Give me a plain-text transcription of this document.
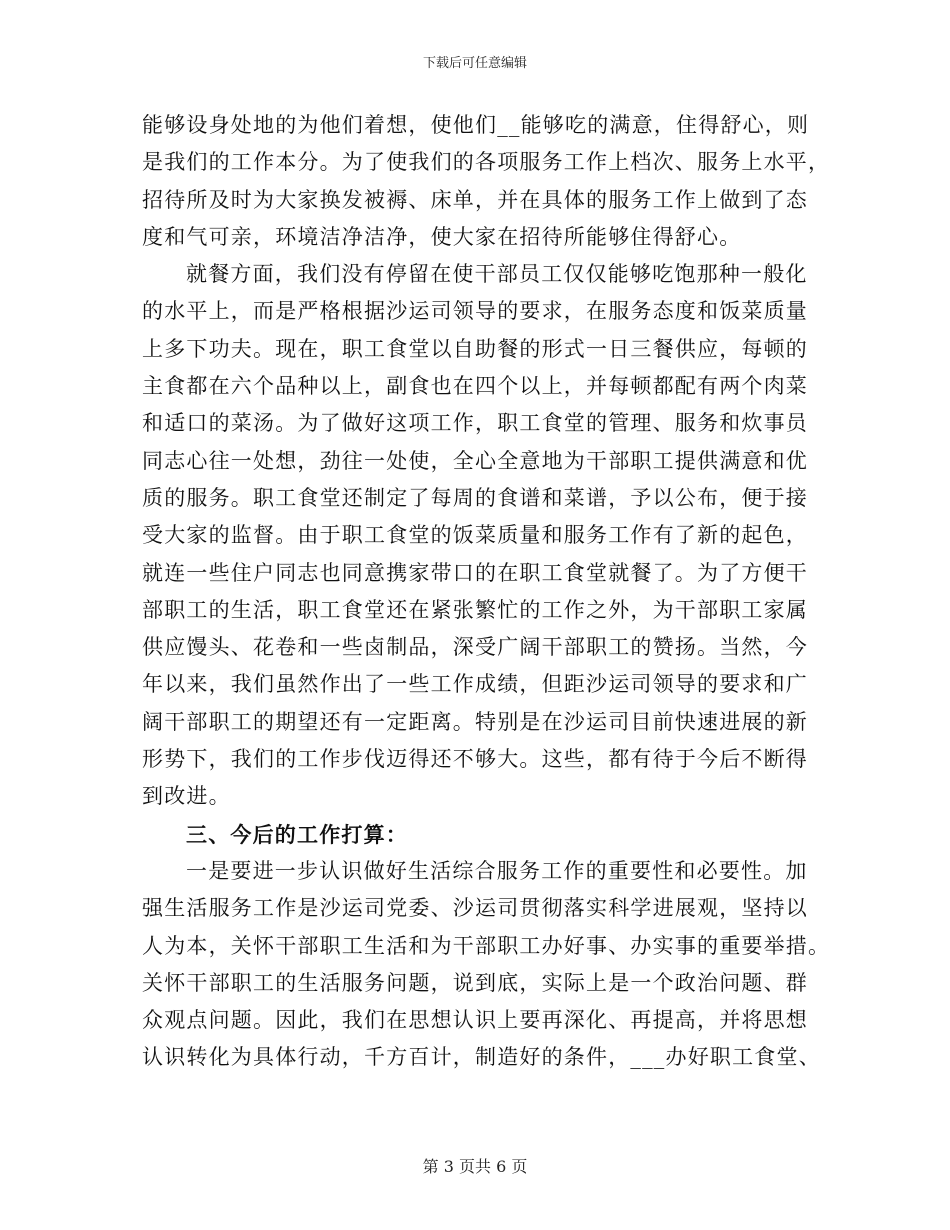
下载后可任意编辑
能够设身处地的为他们着想，使他们__能够吃的满意，住得舒心，则
是我们的工作本分。为了使我们的各项服务工作上档次、服务上水平，
招待所及时为大家换发被褥、床单，并在具体的服务工作上做到了态
度和气可亲，环境洁净洁净，使大家在招待所能够住得舒心。
就餐方面，我们没有停留在使干部员工仅仅能够吃饱那种一般化
的水平上，而是严格根据沙运司领导的要求，在服务态度和饭菜质量
上多下功夫。现在，职工食堂以自助餐的形式一日三餐供应，每顿的
主食都在六个品种以上，副食也在四个以上，并每顿都配有两个肉菜
和适口的菜汤。为了做好这项工作，职工食堂的管理、服务和炊事员
同志心往一处想，劲往一处使，全心全意地为干部职工提供满意和优
质的服务。职工食堂还制定了每周的食谱和菜谱，予以公布，便于接
受大家的监督。由于职工食堂的饭菜质量和服务工作有了新的起色，
就连一些住户同志也同意携家带口的在职工食堂就餐了。为了方便干
部职工的生活，职工食堂还在紧张繁忙的工作之外，为干部职工家属
供应馒头、花卷和一些卤制品，深受广阔干部职工的赞扬。当然，今
年以来，我们虽然作出了一些工作成绩，但距沙运司领导的要求和广
阔干部职工的期望还有一定距离。特别是在沙运司目前快速进展的新
形势下，我们的工作步伐迈得还不够大。这些，都有待于今后不断得
到改进。
三、今后的工作打算：
一是要进一步认识做好生活综合服务工作的重要性和必要性。加
强生活服务工作是沙运司党委、沙运司贯彻落实科学进展观，坚持以
人为本，关怀干部职工生活和为干部职工办好事、办实事的重要举措。
关怀干部职工的生活服务问题，说到底，实际上是一个政治问题、群
众观点问题。因此，我们在思想认识上要再深化、再提高，并将思想
认识转化为具体行动，千方百计，制造好的条件，___办好职工食堂、
第 3 页共 6 页
